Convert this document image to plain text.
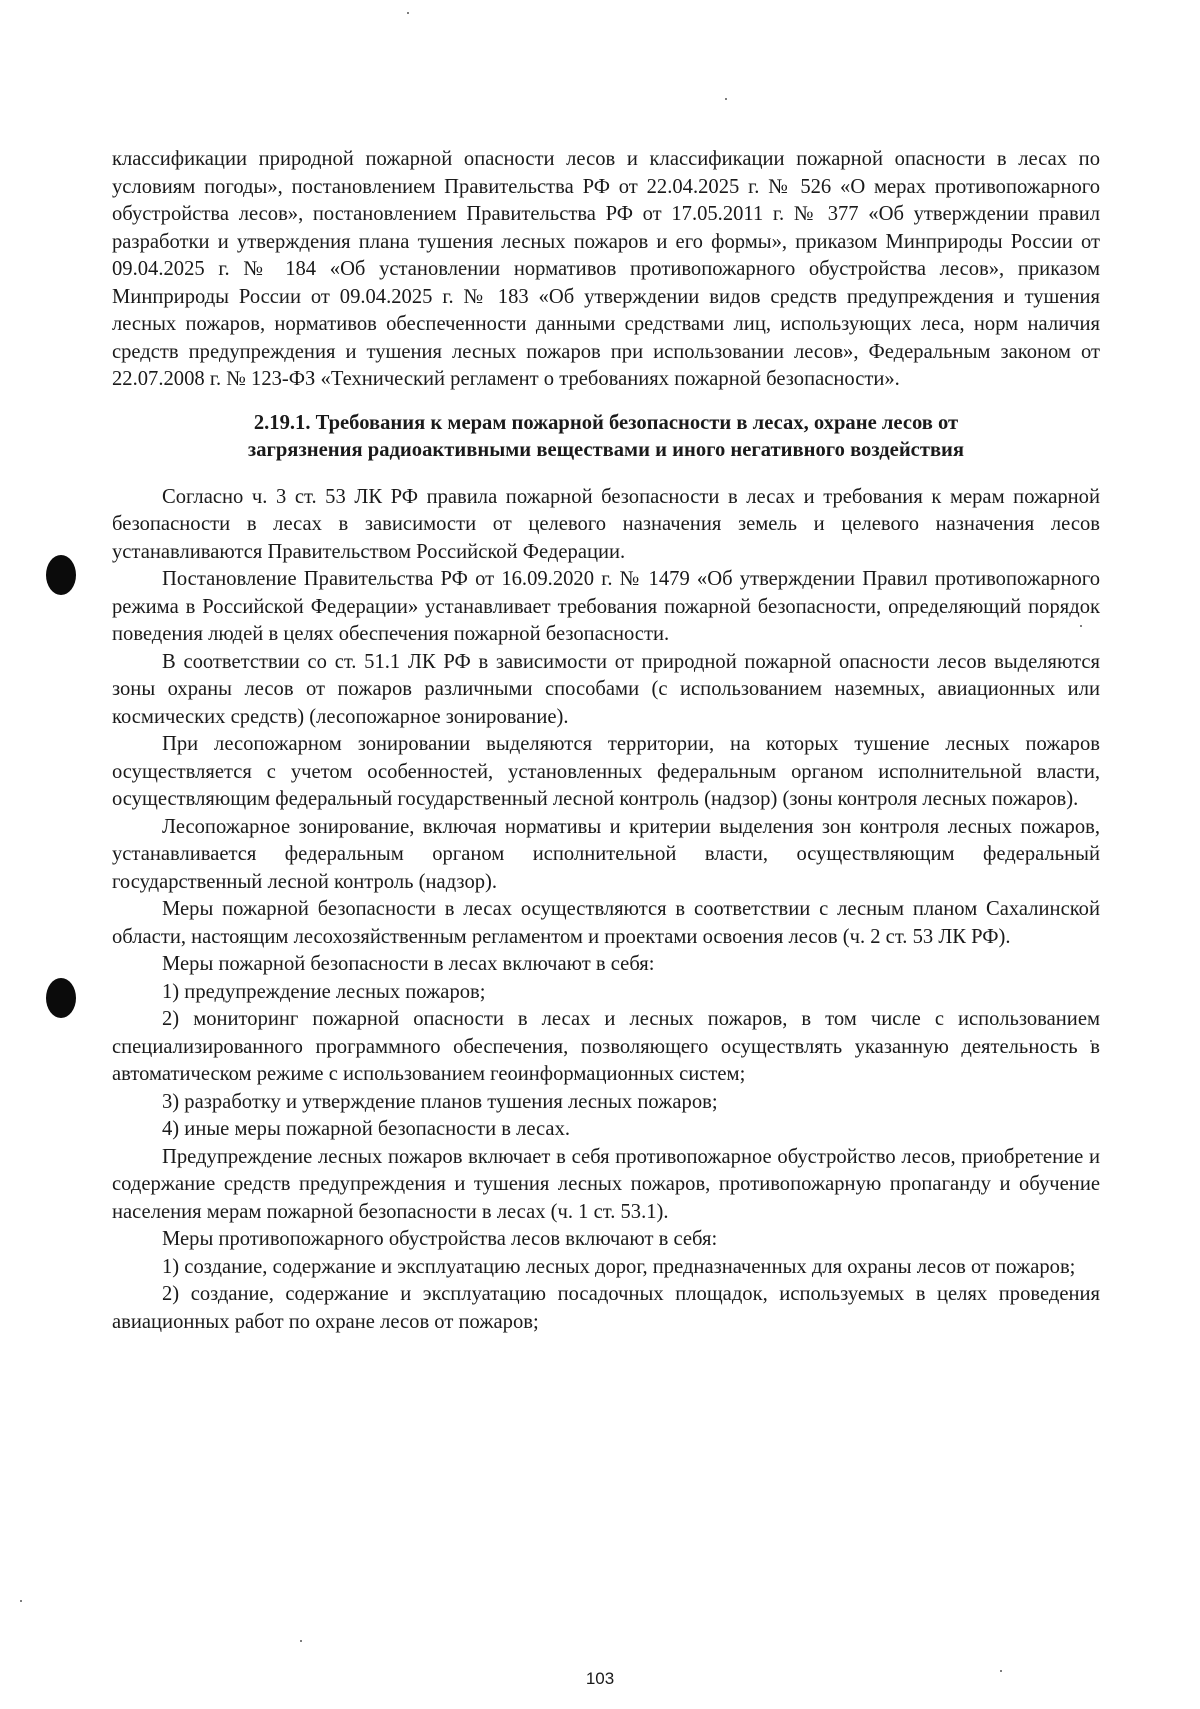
классификации природной пожарной опасности лесов и классификации пожарной опасности в лесах по условиям погоды», постановлением Правительства РФ от 22.04.2025 г. № 526 «О мерах противопожарного обустройства лесов», постановлением Правительства РФ от 17.05.2011 г. № 377 «Об утверждении правил разработки и утверждения плана тушения лесных пожаров и его формы», приказом Минприроды России от 09.04.2025 г. № 184 «Об установлении нормативов противопожарного обустройства лесов», приказом Минприроды России от 09.04.2025 г. № 183 «Об утверждении видов средств предупреждения и тушения лесных пожаров, нормативов обеспеченности данными средствами лиц, использующих леса, норм наличия средств предупреждения и тушения лесных пожаров при использовании лесов», Федеральным законом от 22.07.2008 г. № 123-ФЗ «Технический регламент о требованиях пожарной безопасности».

2.19.1. Требования к мерам пожарной безопасности в лесах, охране лесов от
загрязнения радиоактивными веществами и иного негативного воздействия

Согласно ч. 3 ст. 53 ЛК РФ правила пожарной безопасности в лесах и требования к мерам пожарной безопасности в лесах в зависимости от целевого назначения земель и целевого назначения лесов устанавливаются Правительством Российской Федерации.

Постановление Правительства РФ от 16.09.2020 г. № 1479 «Об утверждении Правил противопожарного режима в Российской Федерации» устанавливает требования пожарной безопасности, определяющий порядок поведения людей в целях обеспечения пожарной безопасности.

В соответствии со ст. 51.1 ЛК РФ в зависимости от природной пожарной опасности лесов выделяются зоны охраны лесов от пожаров различными способами (с использованием наземных, авиационных или космических средств) (лесопожарное зонирование).

При лесопожарном зонировании выделяются территории, на которых тушение лесных пожаров осуществляется с учетом особенностей, установленных федеральным органом исполнительной власти, осуществляющим федеральный государственный лесной контроль (надзор) (зоны контроля лесных пожаров).

Лесопожарное зонирование, включая нормативы и критерии выделения зон контроля лесных пожаров, устанавливается федеральным органом исполнительной власти, осуществляющим федеральный государственный лесной контроль (надзор).

Меры пожарной безопасности в лесах осуществляются в соответствии с лесным планом Сахалинской области, настоящим лесохозяйственным регламентом и проектами освоения лесов (ч. 2 ст. 53 ЛК РФ).

Меры пожарной безопасности в лесах включают в себя:

1) предупреждение лесных пожаров;

2) мониторинг пожарной опасности в лесах и лесных пожаров, в том числе с использованием специализированного программного обеспечения, позволяющего осуществлять указанную деятельность в автоматическом режиме с использованием геоинформационных систем;

3) разработку и утверждение планов тушения лесных пожаров;

4) иные меры пожарной безопасности в лесах.

Предупреждение лесных пожаров включает в себя противопожарное обустройство лесов, приобретение и содержание средств предупреждения и тушения лесных пожаров, противопожарную пропаганду и обучение населения мерам пожарной безопасности в лесах (ч. 1 ст. 53.1).

Меры противопожарного обустройства лесов включают в себя:

1) создание, содержание и эксплуатацию лесных дорог, предназначенных для охраны лесов от пожаров;

2) создание, содержание и эксплуатацию посадочных площадок, используемых в целях проведения авиационных работ по охране лесов от пожаров;

103
